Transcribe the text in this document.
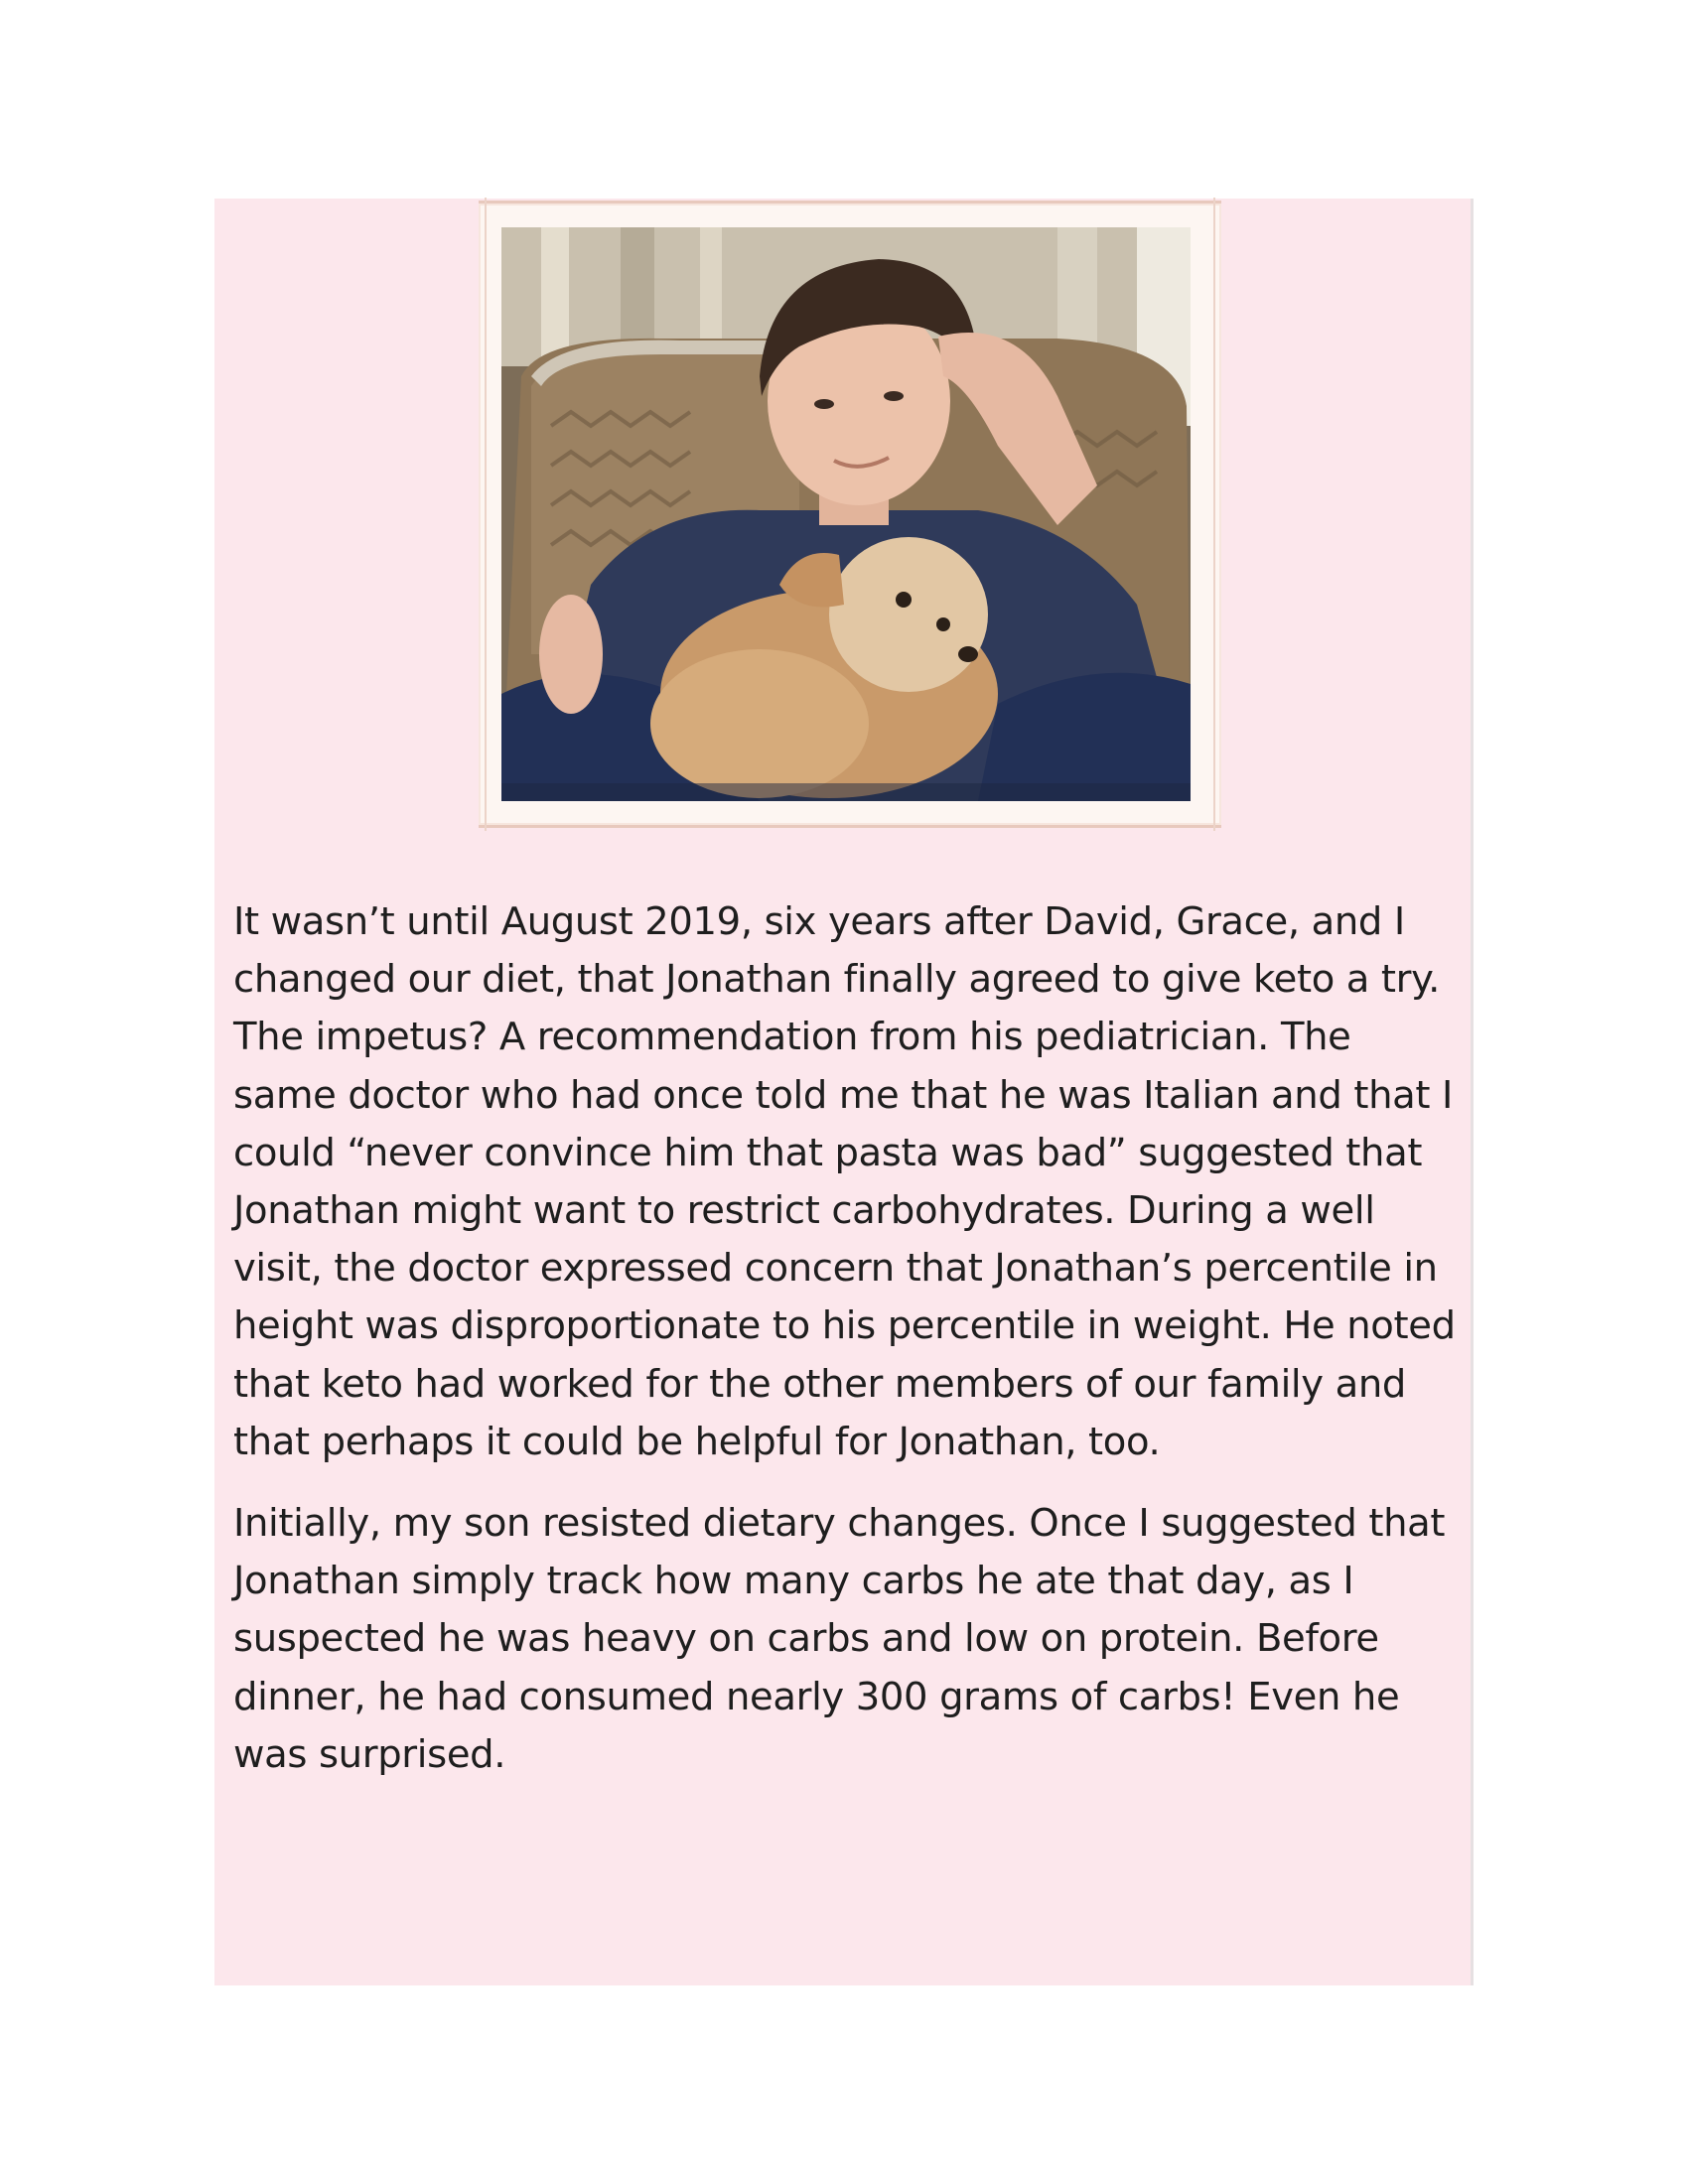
It wasn’t until August 2019, six years after David, Grace, and I changed our diet, that Jonathan finally agreed to give keto a try. The impetus? A recommendation from his pediatrician. The same doctor who had once told me that he was Italian and that I could “never convince him that pasta was bad” suggested that Jonathan might want to restrict carbohydrates. During a well visit, the doctor expressed concern that Jonathan’s percentile in height was disproportionate to his percentile in weight. He noted that keto had worked for the other members of our family and that perhaps it could be helpful for Jonathan, too.

Initially, my son resisted dietary changes. Once I suggested that Jonathan simply track how many carbs he ate that day, as I suspected he was heavy on carbs and low on protein. Before dinner, he had consumed nearly 300 grams of carbs! Even he was surprised.
